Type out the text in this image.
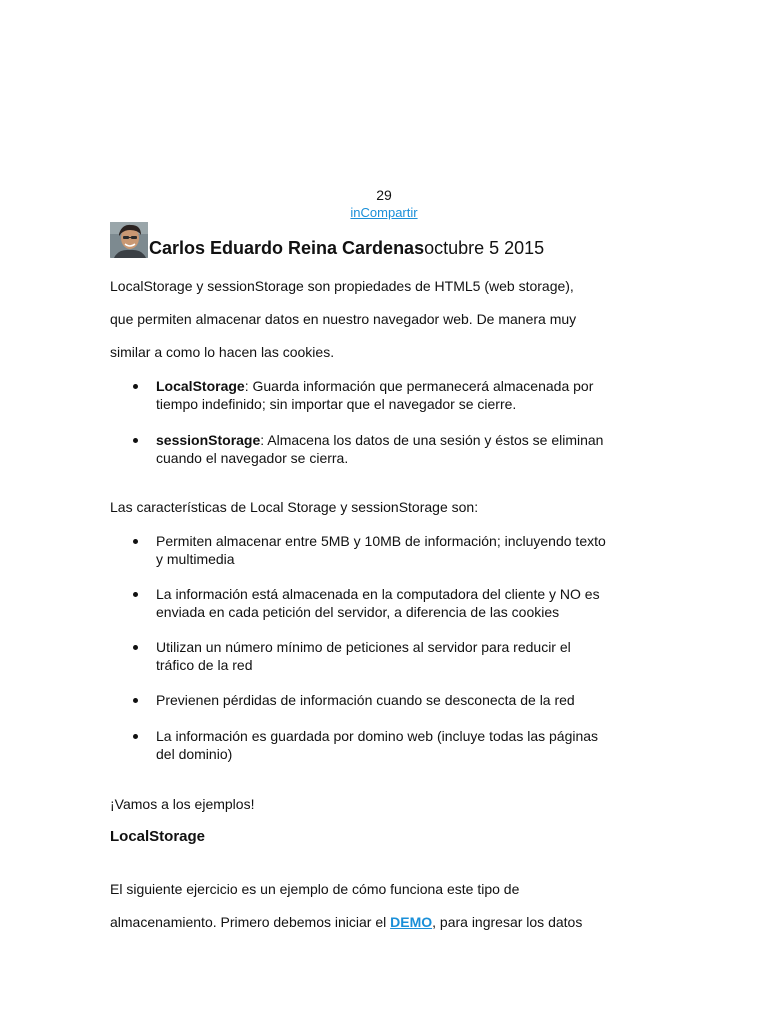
29
inCompartir
Carlos Eduardo Reina Cardenas octubre 5 2015
LocalStorage y sessionStorage son propiedades de HTML5 (web storage),
que permiten almacenar datos en nuestro navegador web. De manera muy
similar a como lo hacen las cookies.
LocalStorage: Guarda información que permanecerá almacenada por
tiempo indefinido; sin importar que el navegador se cierre.
sessionStorage: Almacena los datos de una sesión y éstos se eliminan
cuando el navegador se cierra.
Las características de Local Storage y sessionStorage son:
Permiten almacenar entre 5MB y 10MB de información; incluyendo texto
y multimedia
La información está almacenada en la computadora del cliente y NO es
enviada en cada petición del servidor, a diferencia de las cookies
Utilizan un número mínimo de peticiones al servidor para reducir el
tráfico de la red
Previenen pérdidas de información cuando se desconecta de la red
La información es guardada por domino web (incluye todas las páginas
del dominio)
¡Vamos a los ejemplos!
LocalStorage
El siguiente ejercicio es un ejemplo de cómo funciona este tipo de
almacenamiento. Primero debemos iniciar el DEMO, para ingresar los datos
